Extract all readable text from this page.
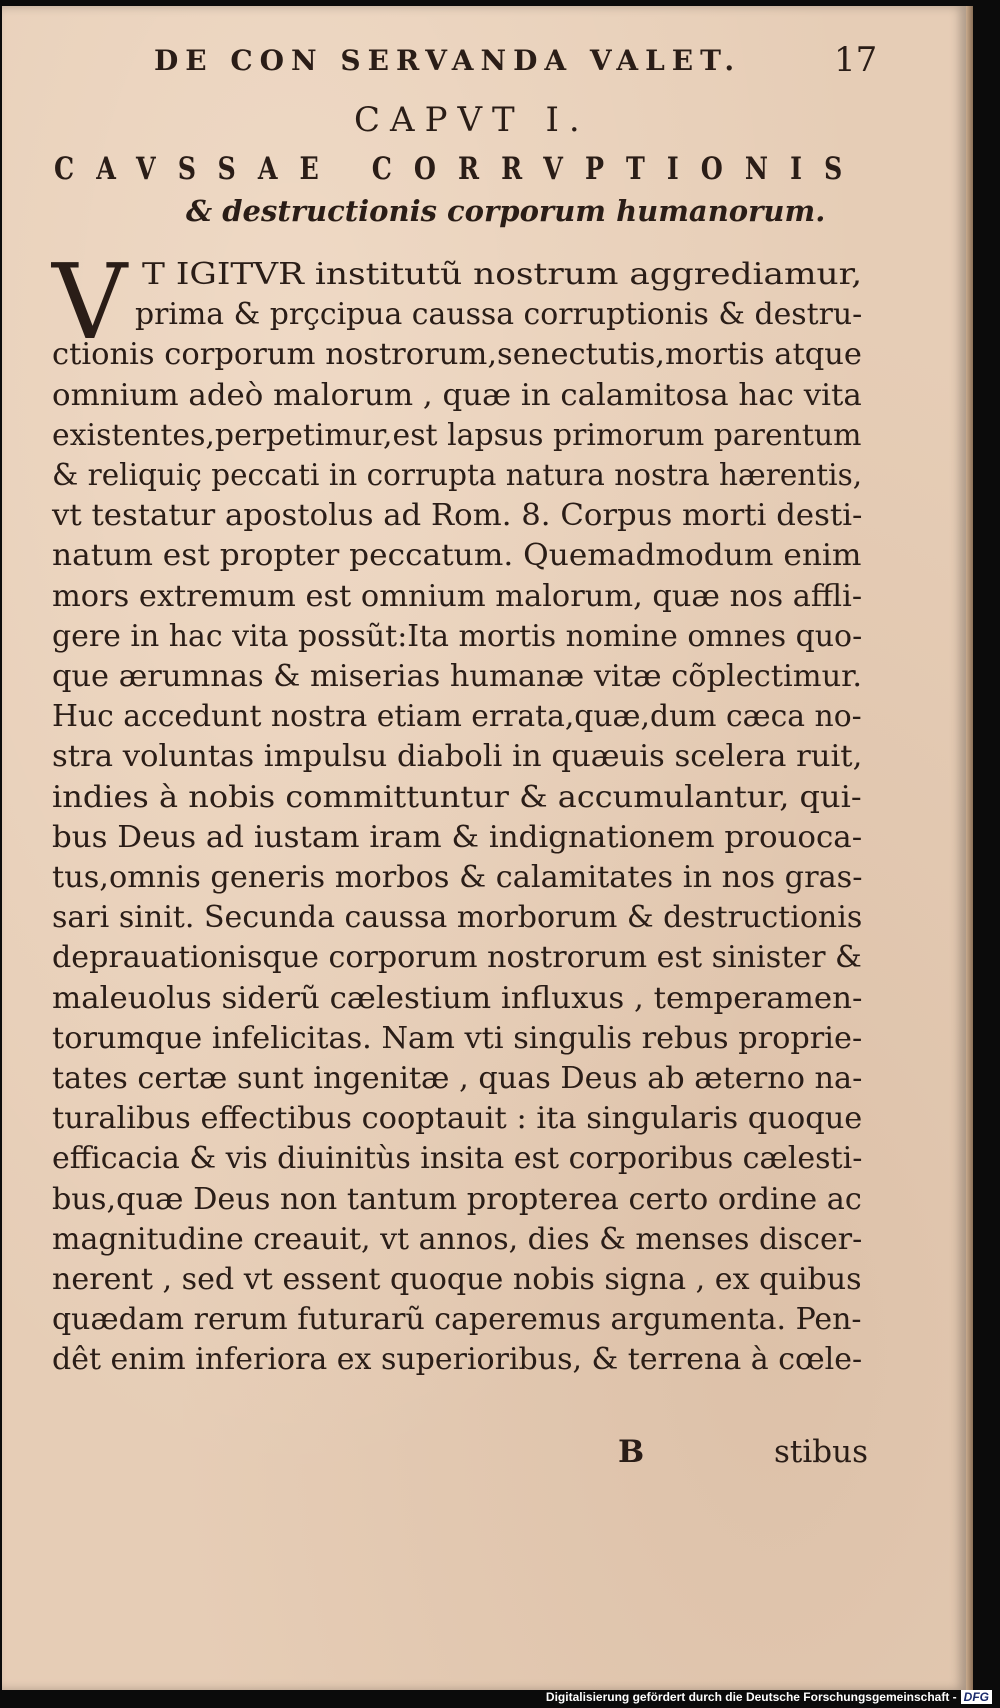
DE CON SERVANDA VALET.	17
CAPVT I.
CAVSSAE CORRVPTIONIS
& destructionis corporum humanorum.
V T IGITVR institutũ nostrum aggrediamur,
prima & prçcipua caussa corruptionis & destru-
ctionis corporum nostrorum,senectutis,mortis atque
omnium adeò malorum , quæ in calamitosa hac vita
existentes,perpetimur,est lapsus primorum parentum
& reliquiç peccati in corrupta natura nostra hærentis,
vt testatur apostolus ad Rom. 8. Corpus morti desti-
natum est propter peccatum. Quemadmodum enim
mors extremum est omnium malorum, quæ nos affli-
gere in hac vita possũt:Ita mortis nomine omnes quo-
que ærumnas & miserias humanæ vitæ cõplectimur.
Huc accedunt nostra etiam errata,quæ,dum cæca no-
stra voluntas impulsu diaboli in quæuis scelera ruit,
indies à nobis committuntur & accumulantur, qui-
bus Deus ad iustam iram & indignationem prouoca-
tus,omnis generis morbos & calamitates in nos gras-
sari sinit. Secunda caussa morborum & destructionis
deprauationisque corporum nostrorum est sinister &
maleuolus siderũ cælestium influxus , temperamen-
torumque infelicitas. Nam vti singulis rebus proprie-
tates certæ sunt ingenitæ , quas Deus ab æterno na-
turalibus effectibus cooptauit : ita singularis quoque
efficacia & vis diuinitùs insita est corporibus cælesti-
bus,quæ Deus non tantum propterea certo ordine ac
magnitudine creauit, vt annos, dies & menses discer-
nerent , sed vt essent quoque nobis signa , ex quibus
quædam rerum futurarũ caperemus argumenta. Pen-
dêt enim inferiora ex superioribus, & terrena à cœle-
B	stibus
Digitalisierung gefördert durch die Deutsche Forschungsgemeinschaft - DFG
